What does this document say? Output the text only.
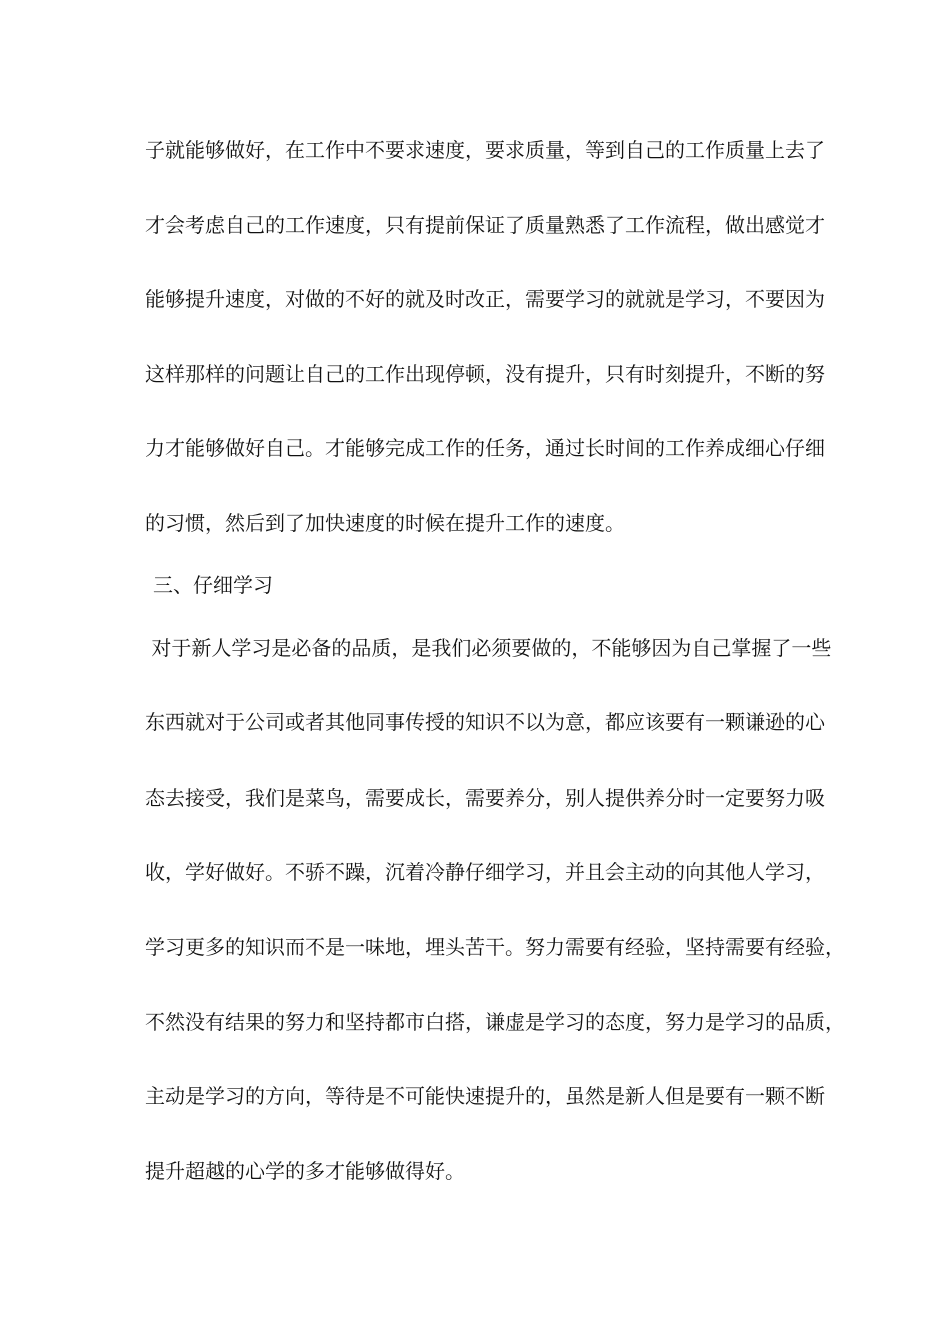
子就能够做好，在工作中不要求速度，要求质量，等到自己的工作质量上去了
才会考虑自己的工作速度，只有提前保证了质量熟悉了工作流程，做出感觉才
能够提升速度，对做的不好的就及时改正，需要学习的就就是学习，不要因为
这样那样的问题让自己的工作出现停顿，没有提升，只有时刻提升，不断的努
力才能够做好自己。才能够完成工作的任务，通过长时间的工作养成细心仔细
的习惯，然后到了加快速度的时候在提升工作的速度。
三、仔细学习
对于新人学习是必备的品质，是我们必须要做的，不能够因为自己掌握了一些
东西就对于公司或者其他同事传授的知识不以为意，都应该要有一颗谦逊的心
态去接受，我们是菜鸟，需要成长，需要养分，别人提供养分时一定要努力吸
收，学好做好。不骄不躁，沉着冷静仔细学习，并且会主动的向其他人学习，
学习更多的知识而不是一味地，埋头苦干。努力需要有经验，坚持需要有经验，
不然没有结果的努力和坚持都市白搭，谦虚是学习的态度，努力是学习的品质，
主动是学习的方向，等待是不可能快速提升的，虽然是新人但是要有一颗不断
提升超越的心学的多才能够做得好。
